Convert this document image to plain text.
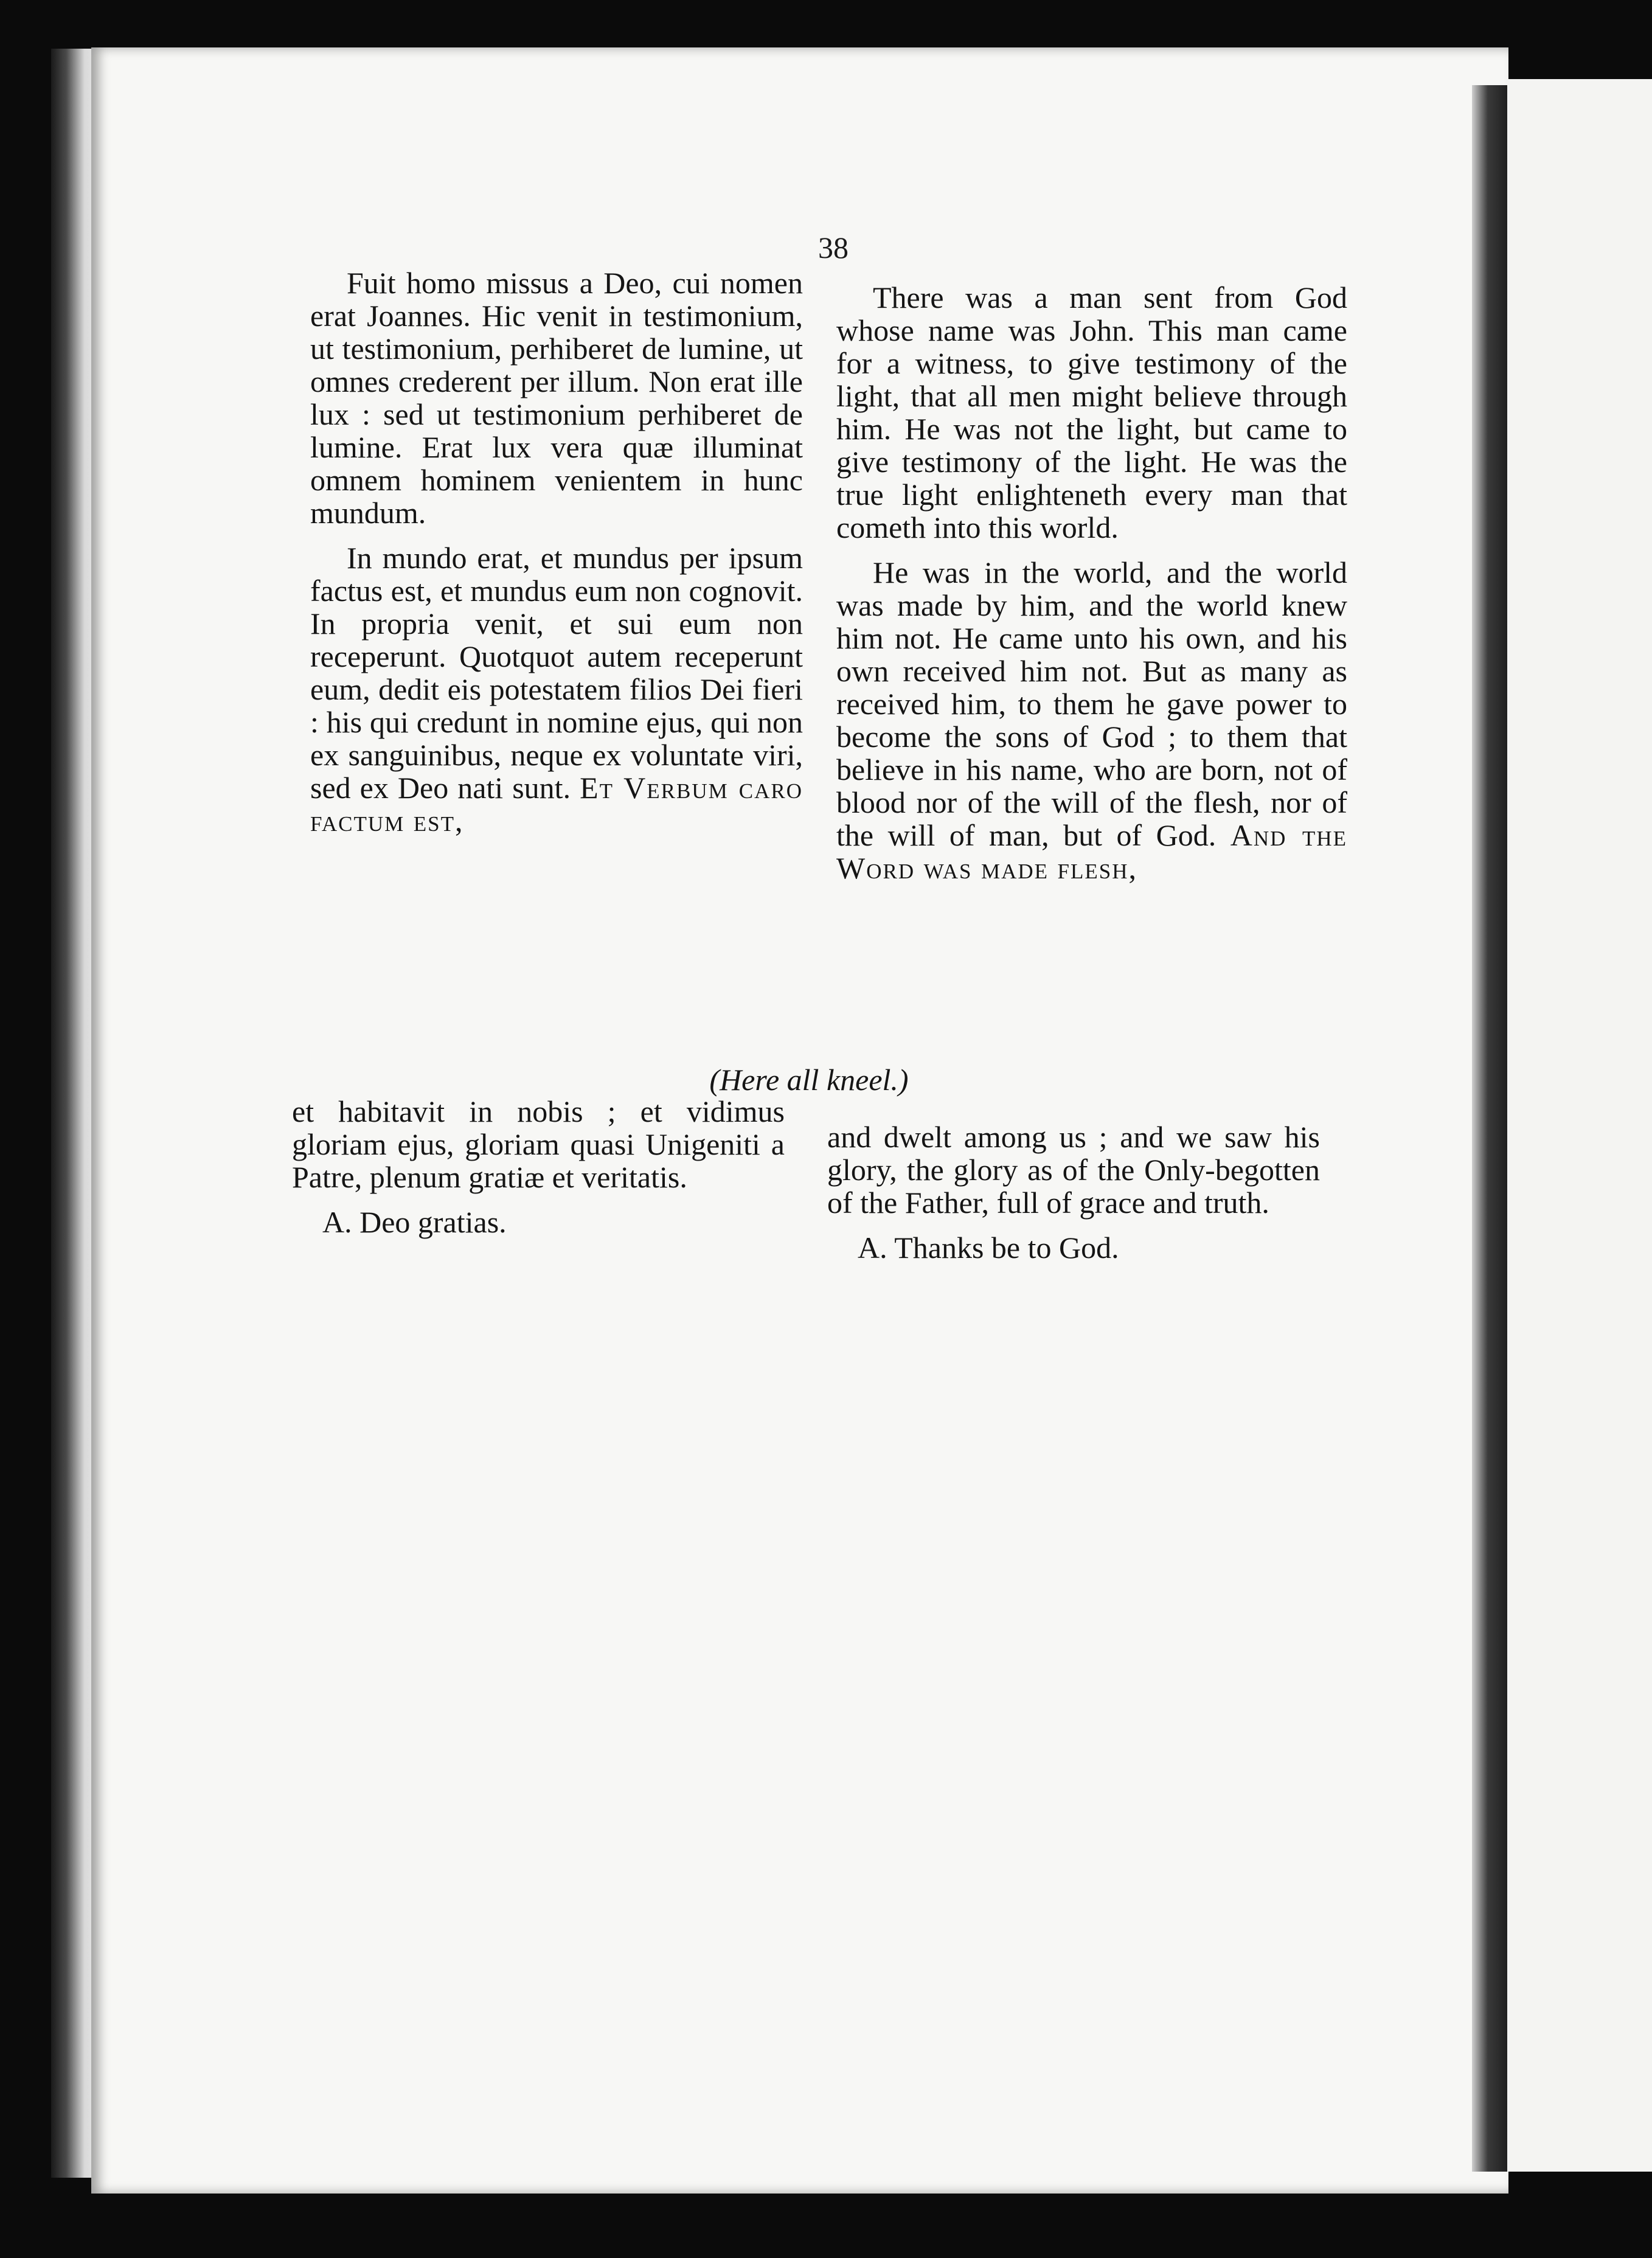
38

Fuit homo missus a Deo, cui nomen erat Joannes. Hic venit in testimonium, ut testimonium, perhiberet de lumine, ut omnes crederent per illum. Non erat ille lux : sed ut testimonium perhiberet de lumine. Erat lux vera quæ illuminat omnem hominem venientem in hunc mundum.

In mundo erat, et mundus per ipsum factus est, et mundus eum non cognovit. In propria venit, et sui eum non receperunt. Quotquot autem receperunt eum, dedit eis potestatem filios Dei fieri : his qui credunt in nomine ejus, qui non ex sanguinibus, neque ex voluntate viri, sed ex Deo nati sunt. Et Verbum caro factum est,

There was a man sent from God whose name was John. This man came for a witness, to give testimony of the light, that all men might believe through him. He was not the light, but came to give testimony of the light. He was the true light enlighteneth every man that cometh into this world.

He was in the world, and the world was made by him, and the world knew him not. He came unto his own, and his own received him not. But as many as received him, to them he gave power to become the sons of God ; to them that believe in his name, who are born, not of blood nor of the will of the flesh, nor of the will of man, but of God. And the Word was made flesh,

(Here all kneel.)

et habitavit in nobis ; et vidimus gloriam ejus, gloriam quasi Unigeniti a Patre, plenum gratiæ et veritatis.

A. Deo gratias.

and dwelt among us ; and we saw his glory, the glory as of the Only-begotten of the Father, full of grace and truth.

A. Thanks be to God.
